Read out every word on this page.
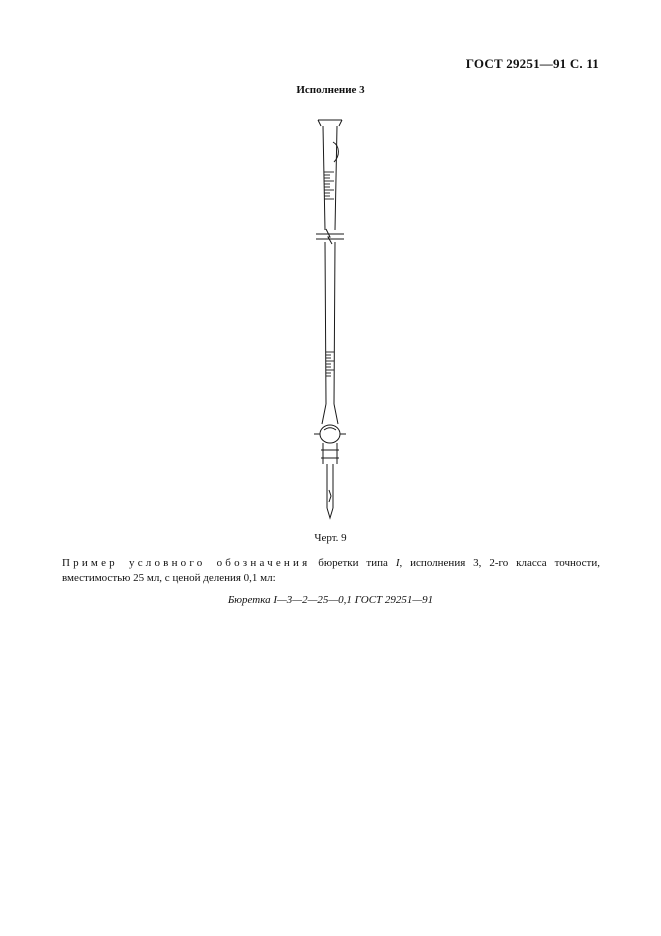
ГОСТ 29251—91 С. 11
Исполнение 3
Черт. 9
Пример условного обозначения бюретки типа I, исполнения 3, 2-го класса точности, вместимостью 25 мл, с ценой деления 0,1 мл:
Бюретка I—3—2—25—0,1 ГОСТ 29251—91
